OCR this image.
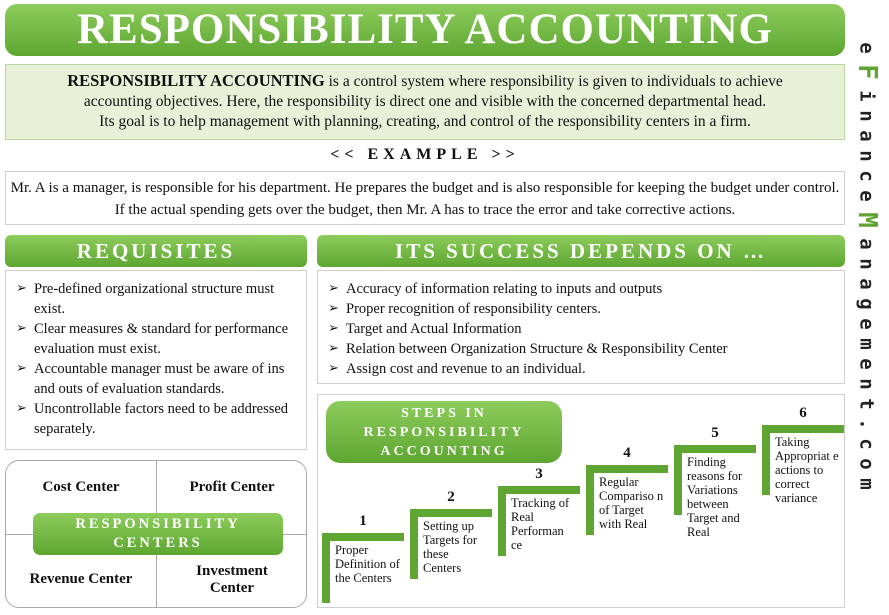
RESPONSIBILITY ACCOUNTING	e
F
i
n
a
n
c
e
M
a
n
a
g
e
m
e
n
t
.
c
o
m
RESPONSIBILITY ACCOUNTING is a control system where responsibility is given to individuals to achieve
accounting objectives. Here, the responsibility is direct one and visible with the concerned departmental head.
Its goal is to help management with planning, creating, and control of the responsibility centers in a firm.
<< EXAMPLE >>
Mr. A is a manager, is responsible for his department. He prepares the budget and is also responsible for keeping the budget under control. If the actual spending gets over the budget, then Mr. A has to trace the error and take corrective actions.
REQUISITES
➢ Pre-defined organizational structure must exist.
➢ Clear measures & standard for performance evaluation must exist.
➢ Accountable manager must be aware of ins and outs of evaluation standards.
➢ Uncontrollable factors need to be addressed separately.
ITS SUCCESS DEPENDS ON …
➢ Accuracy of information relating to inputs and outputs
➢ Proper recognition of responsibility centers.
➢ Target and Actual Information
➢ Relation between Organization Structure & Responsibility Center
➢ Assign cost and revenue to an individual.
Cost Center	Profit Center
Revenue Center	Investment
Center
RESPONSIBILITY
CENTERS
STEPS IN
RESPONSIBILITY
ACCOUNTING
1
Proper Definition of the Centers
2
Setting up Targets for these Centers
3
Tracking of Real Performan ce
4
Regular Compariso n of Target with Real
5
Finding reasons for Variations between Target and Real
6
Taking Appropriat e actions to correct variance
